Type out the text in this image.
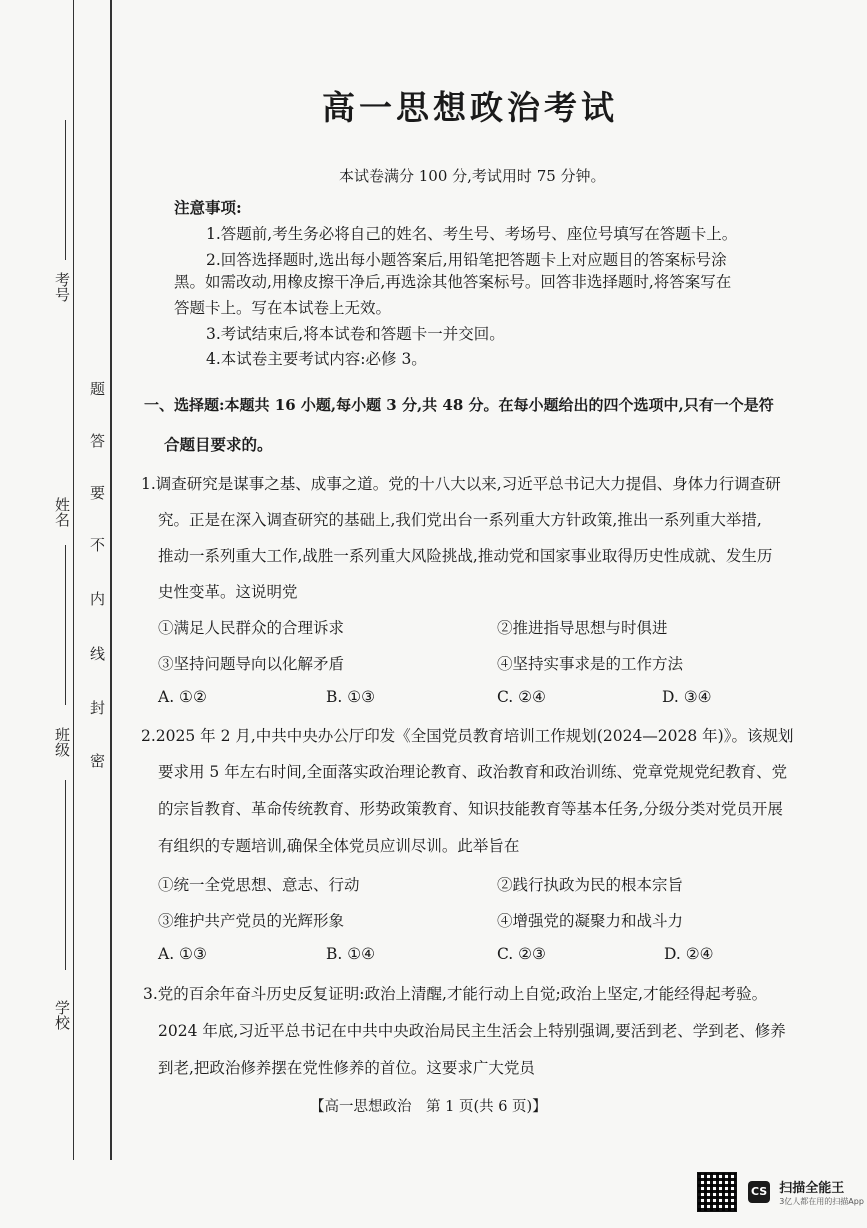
考号
姓名
班级
学校
题
答
要
不
内
线
封
密
高一思想政治考试
本试卷满分 100 分,考试用时 75 分钟。
注意事项:
1.答题前,考生务必将自己的姓名、考生号、考场号、座位号填写在答题卡上。
2.回答选择题时,选出每小题答案后,用铅笔把答题卡上对应题目的答案标号涂
黑。如需改动,用橡皮擦干净后,再选涂其他答案标号。回答非选择题时,将答案写在
答题卡上。写在本试卷上无效。
3.考试结束后,将本试卷和答题卡一并交回。
4.本试卷主要考试内容:必修 3。
一、选择题:本题共 16 小题,每小题 3 分,共 48 分。在每小题给出的四个选项中,只有一个是符
合题目要求的。
1.调查研究是谋事之基、成事之道。党的十八大以来,习近平总书记大力提倡、身体力行调查研
究。正是在深入调查研究的基础上,我们党出台一系列重大方针政策,推出一系列重大举措,
推动一系列重大工作,战胜一系列重大风险挑战,推动党和国家事业取得历史性成就、发生历
史性变革。这说明党
①满足人民群众的合理诉求	②推进指导思想与时俱进
③坚持问题导向以化解矛盾	④坚持实事求是的工作方法
A. ①②	B. ①③	C. ②④	D. ③④
2.2025 年 2 月,中共中央办公厅印发《全国党员教育培训工作规划(2024—2028 年)》。该规划
要求用 5 年左右时间,全面落实政治理论教育、政治教育和政治训练、党章党规党纪教育、党
的宗旨教育、革命传统教育、形势政策教育、知识技能教育等基本任务,分级分类对党员开展
有组织的专题培训,确保全体党员应训尽训。此举旨在
①统一全党思想、意志、行动	②践行执政为民的根本宗旨
③维护共产党员的光辉形象	④增强党的凝聚力和战斗力
A. ①③	B. ①④	C. ②③	D. ②④
3.党的百余年奋斗历史反复证明:政治上清醒,才能行动上自觉;政治上坚定,才能经得起考验。
2024 年底,习近平总书记在中共中央政治局民主生活会上特别强调,要活到老、学到老、修养
到老,把政治修养摆在党性修养的首位。这要求广大党员
【高一思想政治　第 1 页(共 6 页)】
CS 扫描全能王
3亿人都在用的扫描App
